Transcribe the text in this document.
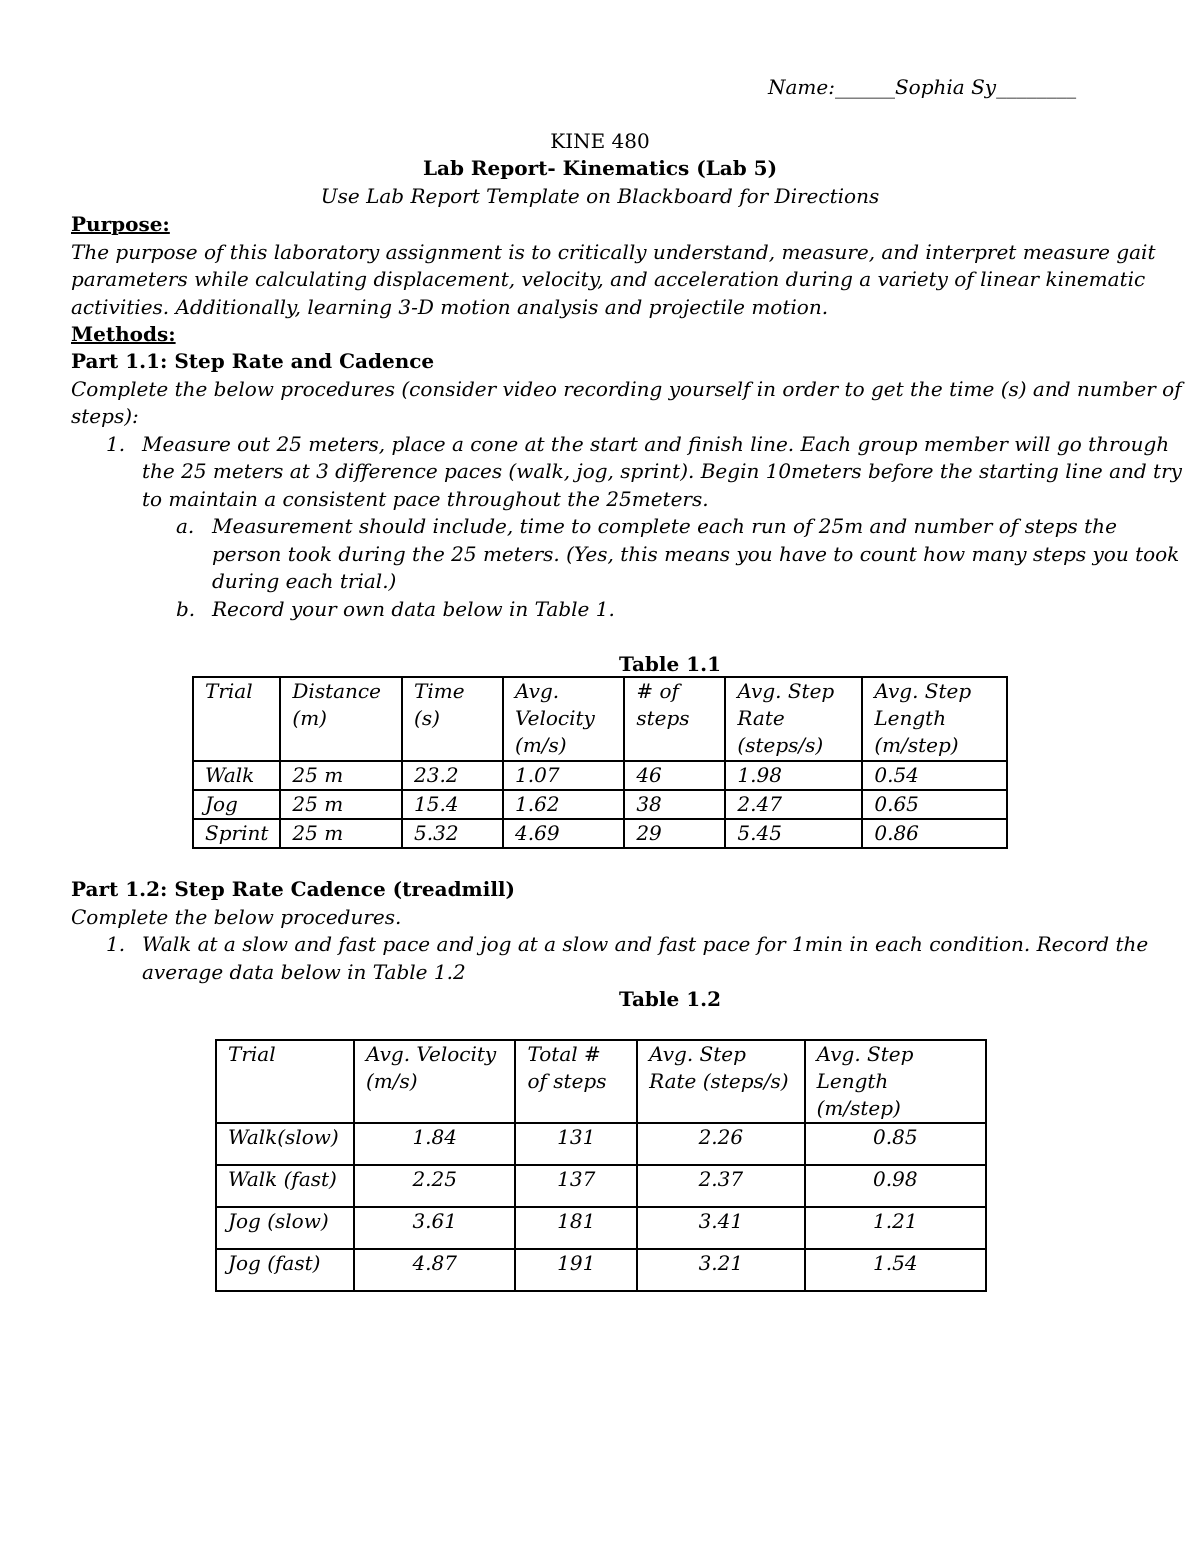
Name:______Sophia Sy________
KINE 480
Lab Report- Kinematics (Lab 5)
Use Lab Report Template on Blackboard for Directions
Purpose:
The purpose of this laboratory assignment is to critically understand, measure, and interpret measure gait
parameters while calculating displacement, velocity, and acceleration during a variety of linear kinematic
activities. Additionally, learning 3-D motion analysis and projectile motion.
Methods:
Part 1.1: Step Rate and Cadence
Complete the below procedures (consider video recording yourself in order to get the time (s) and number of
steps):
1. Measure out 25 meters, place a cone at the start and finish line. Each group member will go through
the 25 meters at 3 difference paces (walk, jog, sprint). Begin 10meters before the starting line and try
to maintain a consistent pace throughout the 25meters.
a. Measurement should include, time to complete each run of 25m and number of steps the
person took during the 25 meters. (Yes, this means you have to count how many steps you took
during each trial.)
b. Record your own data below in Table 1.
Table 1.1
Trial	Distance (m)	Time (s)	Avg. Velocity (m/s)	# of steps	Avg. Step Rate (steps/s)	Avg. Step Length (m/step)
Walk	25 m	23.2	1.07	46	1.98	0.54
Jog	25 m	15.4	1.62	38	2.47	0.65
Sprint	25 m	5.32	4.69	29	5.45	0.86
Part 1.2: Step Rate Cadence (treadmill)
Complete the below procedures.
1. Walk at a slow and fast pace and jog at a slow and fast pace for 1min in each condition. Record the
average data below in Table 1.2
Table 1.2
Trial	Avg. Velocity (m/s)	Total # of steps	Avg. Step Rate (steps/s)	Avg. Step Length (m/step)
Walk(slow)	1.84	131	2.26	0.85
Walk (fast)	2.25	137	2.37	0.98
Jog (slow)	3.61	181	3.41	1.21
Jog (fast)	4.87	191	3.21	1.54
